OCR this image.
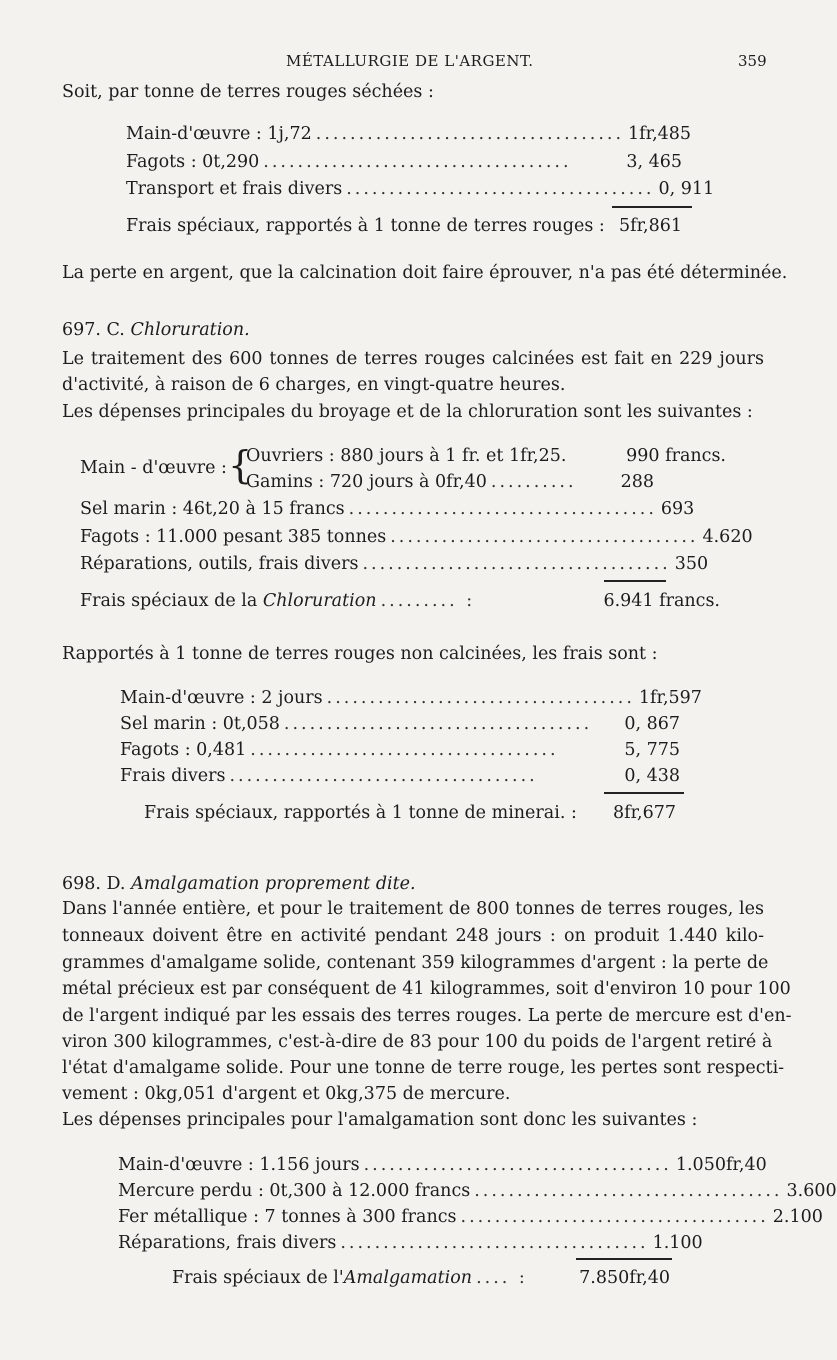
MÉTALLURGIE DE L'ARGENT.	359
Soit, par tonne de terres rouges séchées :
Main-d'œuvre : 1j,72 .................................... 1fr,485
Fagots : 0t,290 ....................................	3, 465
Transport et frais divers .................................... 0, 911
Frais spéciaux, rapportés à 1 tonne de terres rouges : 5fr,861
La perte en argent, que la calcination doit faire éprouver, n'a pas été déterminée.
697. C. Chloruration.
Le traitement des 600 tonnes de terres rouges calcinées est fait en 229 jours
d'activité, à raison de 6 charges, en vingt-quatre heures.
Les dépenses principales du broyage et de la chloruration sont les suivantes :
Main - d'œuvre : {
Ouvriers : 880 jours à 1 fr. et 1fr,25.	990 francs.
Gamins : 720 jours à 0fr,40 ..........	288
Sel marin : 46t,20 à 15 francs .................................... 693
Fagots : 11.000 pesant 385 tonnes .................................... 4.620
Réparations, outils, frais divers .................................... 350
Frais spéciaux de la Chloruration ......... :	6.941 francs.
Rapportés à 1 tonne de terres rouges non calcinées, les frais sont :
Main-d'œuvre : 2 jours .................................... 1fr,597
Sel marin : 0t,058 ....................................	0, 867
Fagots : 0,481 ....................................	5, 775
Frais divers ....................................	0, 438
Frais spéciaux, rapportés à 1 tonne de minerai. : 8fr,677
698. D. Amalgamation proprement dite.
Dans l'année entière, et pour le traitement de 800 tonnes de terres rouges, les
tonneaux doivent être en activité pendant 248 jours : on produit 1.440 kilo-
grammes d'amalgame solide, contenant 359 kilogrammes d'argent : la perte de
métal précieux est par conséquent de 41 kilogrammes, soit d'environ 10 pour 100
de l'argent indiqué par les essais des terres rouges. La perte de mercure est d'en-
viron 300 kilogrammes, c'est-à-dire de 83 pour 100 du poids de l'argent retiré à
l'état d'amalgame solide. Pour une tonne de terre rouge, les pertes sont respecti-
vement : 0kg,051 d'argent et 0kg,375 de mercure.
Les dépenses principales pour l'amalgamation sont donc les suivantes :
Main-d'œuvre : 1.156 jours .................................... 1.050fr,40
Mercure perdu : 0t,300 à 12.000 francs .................................... 3.600
Fer métallique : 7 tonnes à 300 francs .................................... 2.100
Réparations, frais divers .................................... 1.100
Frais spéciaux de l'Amalgamation .... :	7.850fr,40
